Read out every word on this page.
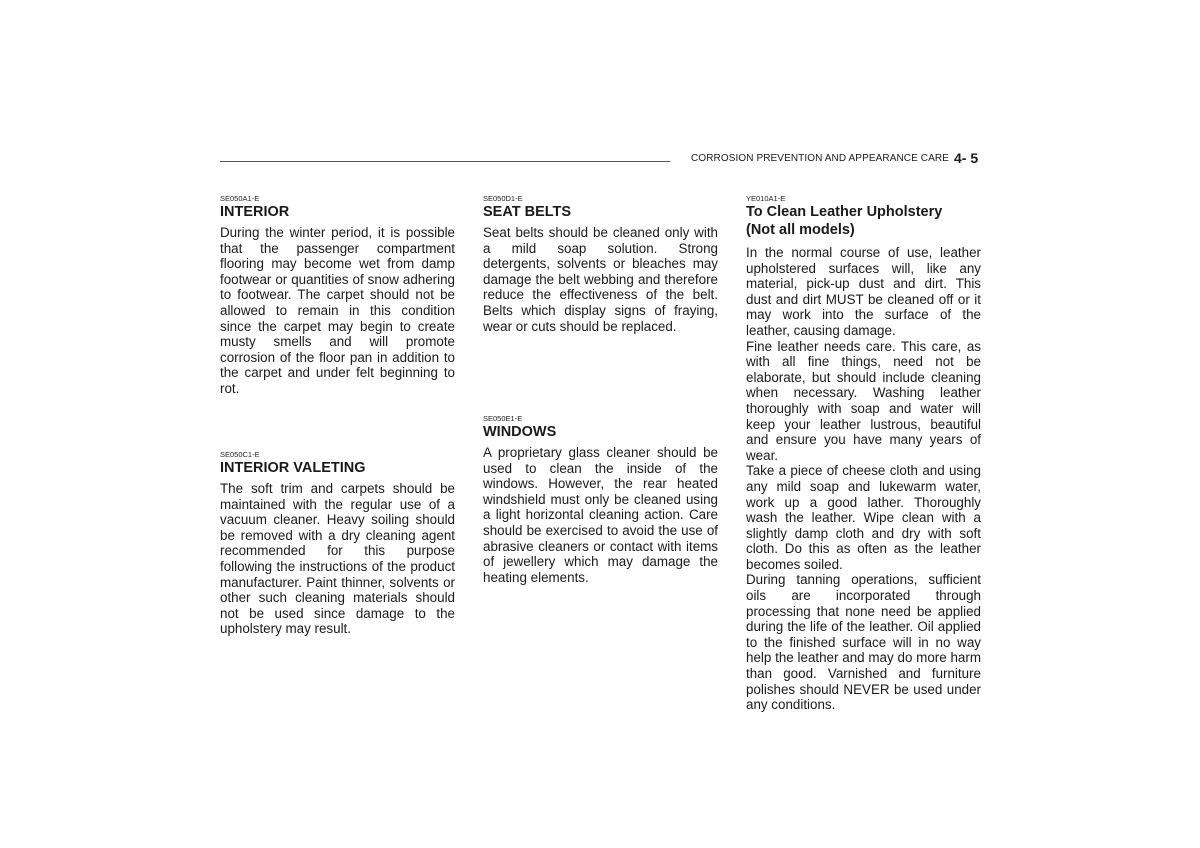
CORROSION PREVENTION AND APPEARANCE CARE 4- 5
SE050A1-E
INTERIOR
During the winter period, it is possible that the passenger compartment flooring may become wet from damp footwear or quantities of snow adhering to footwear. The carpet should not be allowed to remain in this condition since the carpet may begin to create musty smells and will promote corrosion of the floor pan in addition to the carpet and under felt beginning to rot.
SE050C1-E
INTERIOR VALETING
The soft trim and carpets should be maintained with the regular use of a vacuum cleaner. Heavy soiling should be removed with a dry cleaning agent recommended for this purpose following the instructions of the product manufacturer. Paint thinner, solvents or other such cleaning materials should not be used since damage to the upholstery may result.
SE050D1-E
SEAT BELTS
Seat belts should be cleaned only with a mild soap solution. Strong detergents, solvents or bleaches may damage the belt webbing and therefore reduce the effectiveness of the belt. Belts which display signs of fraying, wear or cuts should be replaced.
SE050E1-E
WINDOWS
A proprietary glass cleaner should be used to clean the inside of the windows. However, the rear heated windshield must only be cleaned using a light horizontal cleaning action. Care should be exercised to avoid the use of abrasive cleaners or contact with items of jewellery which may damage the heating elements.
YE010A1-E
To Clean Leather Upholstery
(Not all models)

In the normal course of use, leather upholstered surfaces will, like any material, pick-up dust and dirt. This dust and dirt MUST be cleaned off or it may work into the surface of the leather, causing damage.

Fine leather needs care. This care, as with all fine things, need not be elaborate, but should include cleaning when necessary. Washing leather thoroughly with soap and water will keep your leather lustrous, beautiful and ensure you have many years of wear.

Take a piece of cheese cloth and using any mild soap and lukewarm water, work up a good lather. Thoroughly wash the leather. Wipe clean with a slightly damp cloth and dry with soft cloth. Do this as often as the leather becomes soiled.

During tanning operations, sufficient oils are incorporated through processing that none need be applied during the life of the leather. Oil applied to the finished surface will in no way help the leather and may do more harm than good. Varnished and furniture polishes should NEVER be used under any conditions.
